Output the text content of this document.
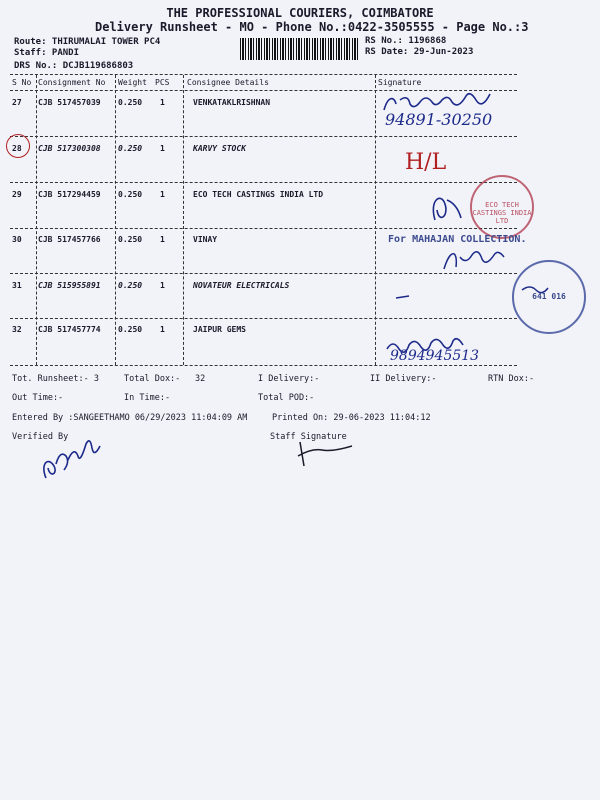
THE PROFESSIONAL COURIERS, COIMBATORE
Delivery Runsheet - MO - Phone No.:0422-3505555 - Page No.:3
Route: THIRUMALAI TOWER PC4
Staff: PANDI
DRS No.: DCJB119686803
RS No.: 1196868
RS Date: 29-Jun-2023
S No Consignment No Weight PCS Consignee Details	Signature
27 CJB 517457039 0.250 1	VENKATAKLRISHNAN
28 CJB 517300308 0.250 1	KARVY STOCK
29 CJB 517294459 0.250 1	ECO TECH CASTINGS INDIA LTD
30 CJB 517457766 0.250 1	VINAY
31 CJB 515955891 0.250 1	NOVATEUR ELECTRICALS
32 CJB 517457774 0.250 1	JAIPUR GEMS
94891-30250
H/L
ECO TECH CASTINGS INDIA LTD
For MAHAJAN COLLECTION.
641 016
9894945513
Tot. Runsheet:- 3	Total Dox:- 32	I Delivery:-	II Delivery:-	RTN Dox:-
Out Time:-	In Time:-	Total POD:-
Entered By :SANGEETHAMO 06/29/2023 11:04:09 AM	Printed On: 29-06-2023 11:04:12
Verified By	Staff Signature
